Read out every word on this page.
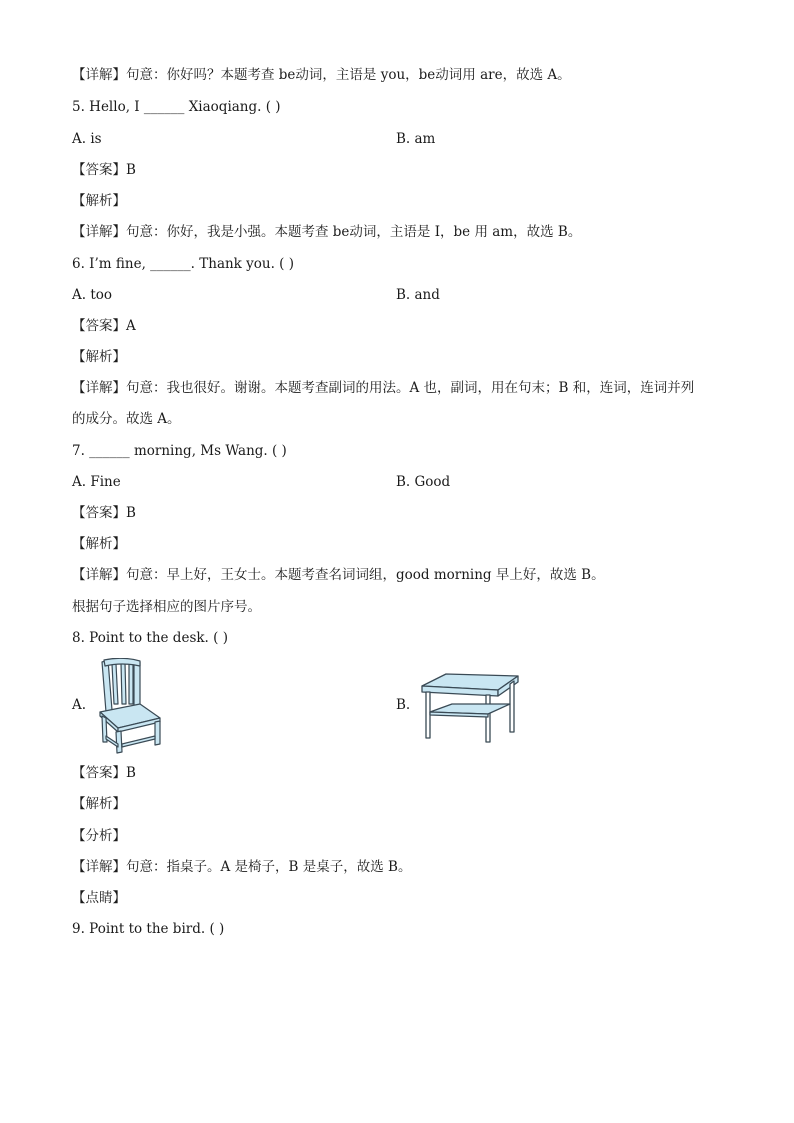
【详解】句意：你好吗？本题考查 be动词，主语是 you，be动词用 are，故选 A。
5. Hello, I ______ Xiaoqiang. ( )
A. is	B. am
【答案】B
【解析】
【详解】句意：你好，我是小强。本题考查 be动词，主语是 I，be 用 am，故选 B。
6. I’m fine, ______. Thank you. ( )
A. too	B. and
【答案】A
【解析】
【详解】句意：我也很好。谢谢。本题考查副词的用法。A 也，副词，用在句末；B 和，连词，连词并列
的成分。故选 A。
7. ______ morning, Ms Wang. ( )
A. Fine	B. Good
【答案】B
【解析】
【详解】句意：早上好，王女士。本题考查名词词组，good morning 早上好，故选 B。
根据句子选择相应的图片序号。
8. Point to the desk. ( )
A.	B.
【答案】B
【解析】
【分析】
【详解】句意：指桌子。A 是椅子，B 是桌子，故选 B。
【点睛】
9. Point to the bird. ( )
